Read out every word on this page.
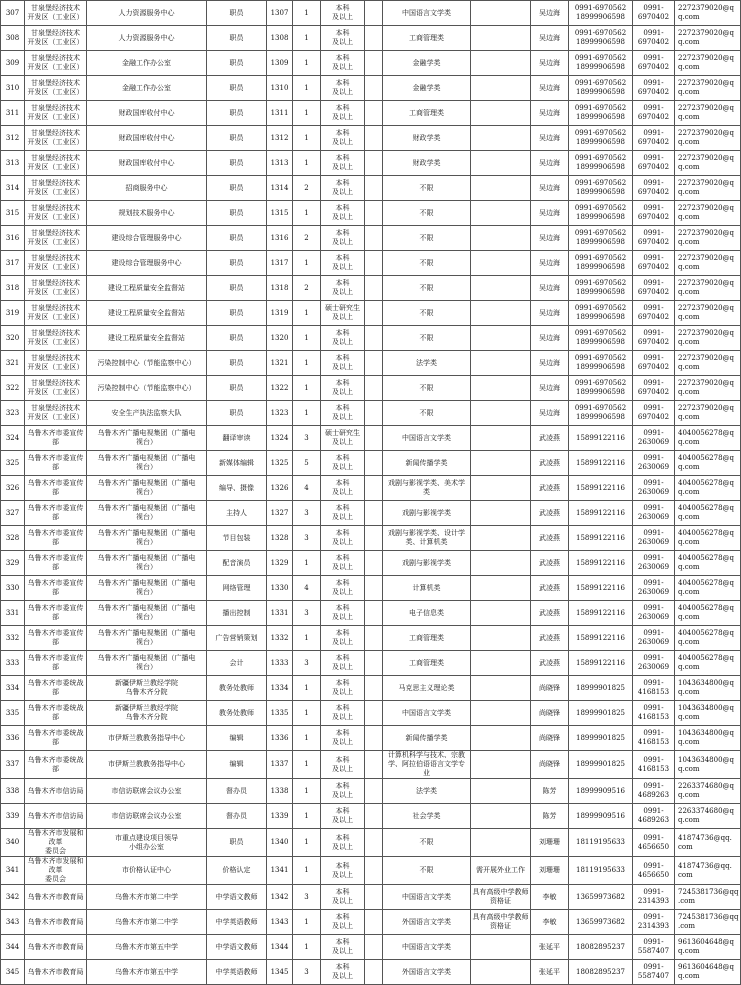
307	甘泉堡经济技术
开发区（工业区）	人力资源服务中心	职员	1307	1	本科
及以上		中国语言文学类		吴边海	0991-6970562
18999906598	0991-
6970402	2272379020@q
q.com
308	甘泉堡经济技术
开发区（工业区）	人力资源服务中心	职员	1308	1	本科
及以上		工商管理类		吴边海	0991-6970562
18999906598	0991-
6970402	2272379020@q
q.com
309	甘泉堡经济技术
开发区（工业区）	金融工作办公室	职员	1309	1	本科
及以上		金融学类		吴边海	0991-6970562
18999906598	0991-
6970402	2272379020@q
q.com
310	甘泉堡经济技术
开发区（工业区）	金融工作办公室	职员	1310	1	本科
及以上		金融学类		吴边海	0991-6970562
18999906598	0991-
6970402	2272379020@q
q.com
311	甘泉堡经济技术
开发区（工业区）	财政国库收付中心	职员	1311	1	本科
及以上		工商管理类		吴边海	0991-6970562
18999906598	0991-
6970402	2272379020@q
q.com
312	甘泉堡经济技术
开发区（工业区）	财政国库收付中心	职员	1312	1	本科
及以上		财政学类		吴边海	0991-6970562
18999906598	0991-
6970402	2272379020@q
q.com
313	甘泉堡经济技术
开发区（工业区）	财政国库收付中心	职员	1313	1	本科
及以上		财政学类		吴边海	0991-6970562
18999906598	0991-
6970402	2272379020@q
q.com
314	甘泉堡经济技术
开发区（工业区）	招商服务中心	职员	1314	2	本科
及以上		不限		吴边海	0991-6970562
18999906598	0991-
6970402	2272379020@q
q.com
315	甘泉堡经济技术
开发区（工业区）	规划技术服务中心	职员	1315	1	本科
及以上		不限		吴边海	0991-6970562
18999906598	0991-
6970402	2272379020@q
q.com
316	甘泉堡经济技术
开发区（工业区）	建设综合管理服务中心	职员	1316	2	本科
及以上		不限		吴边海	0991-6970562
18999906598	0991-
6970402	2272379020@q
q.com
317	甘泉堡经济技术
开发区（工业区）	建设综合管理服务中心	职员	1317	1	本科
及以上		不限		吴边海	0991-6970562
18999906598	0991-
6970402	2272379020@q
q.com
318	甘泉堡经济技术
开发区（工业区）	建设工程质量安全监督站	职员	1318	2	本科
及以上		不限		吴边海	0991-6970562
18999906598	0991-
6970402	2272379020@q
q.com
319	甘泉堡经济技术
开发区（工业区）	建设工程质量安全监督站	职员	1319	1	硕士研究生
及以上		不限		吴边海	0991-6970562
18999906598	0991-
6970402	2272379020@q
q.com
320	甘泉堡经济技术
开发区（工业区）	建设工程质量安全监督站	职员	1320	1	本科
及以上		不限		吴边海	0991-6970562
18999906598	0991-
6970402	2272379020@q
q.com
321	甘泉堡经济技术
开发区（工业区）	污染控制中心（节能监察中心）	职员	1321	1	本科
及以上		法学类		吴边海	0991-6970562
18999906598	0991-
6970402	2272379020@q
q.com
322	甘泉堡经济技术
开发区（工业区）	污染控制中心（节能监察中心）	职员	1322	1	本科
及以上		不限		吴边海	0991-6970562
18999906598	0991-
6970402	2272379020@q
q.com
323	甘泉堡经济技术
开发区（工业区）	安全生产执法监察大队	职员	1323	1	本科
及以上		不限		吴边海	0991-6970562
18999906598	0991-
6970402	2272379020@q
q.com
324	乌鲁木齐市委宣传部	乌鲁木齐广播电视集团（广播电
视台）	翻译审读	1324	3	硕士研究生
及以上		中国语言文学类		武凌燕	15899122116	0991-
2630069	4040056278@q
q.com
325	乌鲁木齐市委宣传部	乌鲁木齐广播电视集团（广播电
视台）	新媒体编辑	1325	5	本科
及以上		新闻传播学类		武凌燕	15899122116	0991-
2630069	4040056278@q
q.com
326	乌鲁木齐市委宣传部	乌鲁木齐广播电视集团（广播电
视台）	编导、摄像	1326	4	本科
及以上		戏剧与影视学类、美术学
类		武凌燕	15899122116	0991-
2630069	4040056278@q
q.com
327	乌鲁木齐市委宣传部	乌鲁木齐广播电视集团（广播电
视台）	主持人	1327	3	本科
及以上		戏剧与影视学类		武凌燕	15899122116	0991-
2630069	4040056278@q
q.com
328	乌鲁木齐市委宣传部	乌鲁木齐广播电视集团（广播电
视台）	节目包装	1328	3	本科
及以上		戏剧与影视学类、设计学
类、计算机类		武凌燕	15899122116	0991-
2630069	4040056278@q
q.com
329	乌鲁木齐市委宣传部	乌鲁木齐广播电视集团（广播电
视台）	配音演员	1329	1	本科
及以上		戏剧与影视学类		武凌燕	15899122116	0991-
2630069	4040056278@q
q.com
330	乌鲁木齐市委宣传部	乌鲁木齐广播电视集团（广播电
视台）	网络管理	1330	4	本科
及以上		计算机类		武凌燕	15899122116	0991-
2630069	4040056278@q
q.com
331	乌鲁木齐市委宣传部	乌鲁木齐广播电视集团（广播电
视台）	播出控制	1331	3	本科
及以上		电子信息类		武凌燕	15899122116	0991-
2630069	4040056278@q
q.com
332	乌鲁木齐市委宣传部	乌鲁木齐广播电视集团（广播电
视台）	广告营销策划	1332	1	本科
及以上		工商管理类		武凌燕	15899122116	0991-
2630069	4040056278@q
q.com
333	乌鲁木齐市委宣传部	乌鲁木齐广播电视集团（广播电
视台）	会计	1333	3	本科
及以上		工商管理类		武凌燕	15899122116	0991-
2630069	4040056278@q
q.com
334	乌鲁木齐市委统战部	新疆伊斯兰教经学院
乌鲁木齐分院	教务处教师	1334	1	本科
及以上		马克思主义理论类		尚晓锋	18999901825	0991-
4168153	1043634800@q
q.com
335	乌鲁木齐市委统战部	新疆伊斯兰教经学院
乌鲁木齐分院	教务处教师	1335	1	本科
及以上		中国语言文学类		尚晓锋	18999901825	0991-
4168153	1043634800@q
q.com
336	乌鲁木齐市委统战部	市伊斯兰教教务指导中心	编辑	1336	1	本科
及以上		新闻传播学类		尚晓锋	18999901825	0991-
4168153	1043634800@q
q.com
337	乌鲁木齐市委统战部	市伊斯兰教教务指导中心	编辑	1337	1	本科
及以上		计算机科学与技术、宗教
学、阿拉伯语语言文学专
业		尚晓锋	18999901825	0991-
4168153	1043634800@q
q.com
338	乌鲁木齐市信访局	市信访联席会议办公室	督办员	1338	1	本科
及以上		法学类		陈芳	18999909516	0991-
4689263	2263374680@q
q.com
339	乌鲁木齐市信访局	市信访联席会议办公室	督办员	1339	1	本科
及以上		社会学类		陈芳	18999909516	0991-
4689263	2263374680@q
q.com
340	乌鲁木齐市发展和改革
委员会	市重点建设项目领导
小组办公室	职员	1340	1	本科
及以上		不限		刘珊珊	18119195633	0991-
4656650	41874736@qq.
com
341	乌鲁木齐市发展和改革
委员会	市价格认证中心	价格认定	1341	1	本科
及以上		不限	需开展外业工作	刘珊珊	18119195633	0991-
4656650	41874736@qq.
com
342	乌鲁木齐市教育局	乌鲁木齐市第二中学	中学语文教师	1342	3	本科
及以上		中国语言文学类	具有高级中学教师资格证	李敏	13659973682	0991-
2314393	7245381736@qq
.com
343	乌鲁木齐市教育局	乌鲁木齐市第二中学	中学英语教师	1343	1	本科
及以上		外国语言文学类	具有高级中学教师资格证	李敏	13659973682	0991-
2314393	7245381736@qq
.com
344	乌鲁木齐市教育局	乌鲁木齐市第五中学	中学语文教师	1344	1	本科
及以上		中国语言文学类		张延平	18082895237	0991-
5587407	9613604648@q
q.com
345	乌鲁木齐市教育局	乌鲁木齐市第五中学	中学英语教师	1345	3	本科
及以上		外国语言文学类		张延平	18082895237	0991-
5587407	9613604648@q
q.com
